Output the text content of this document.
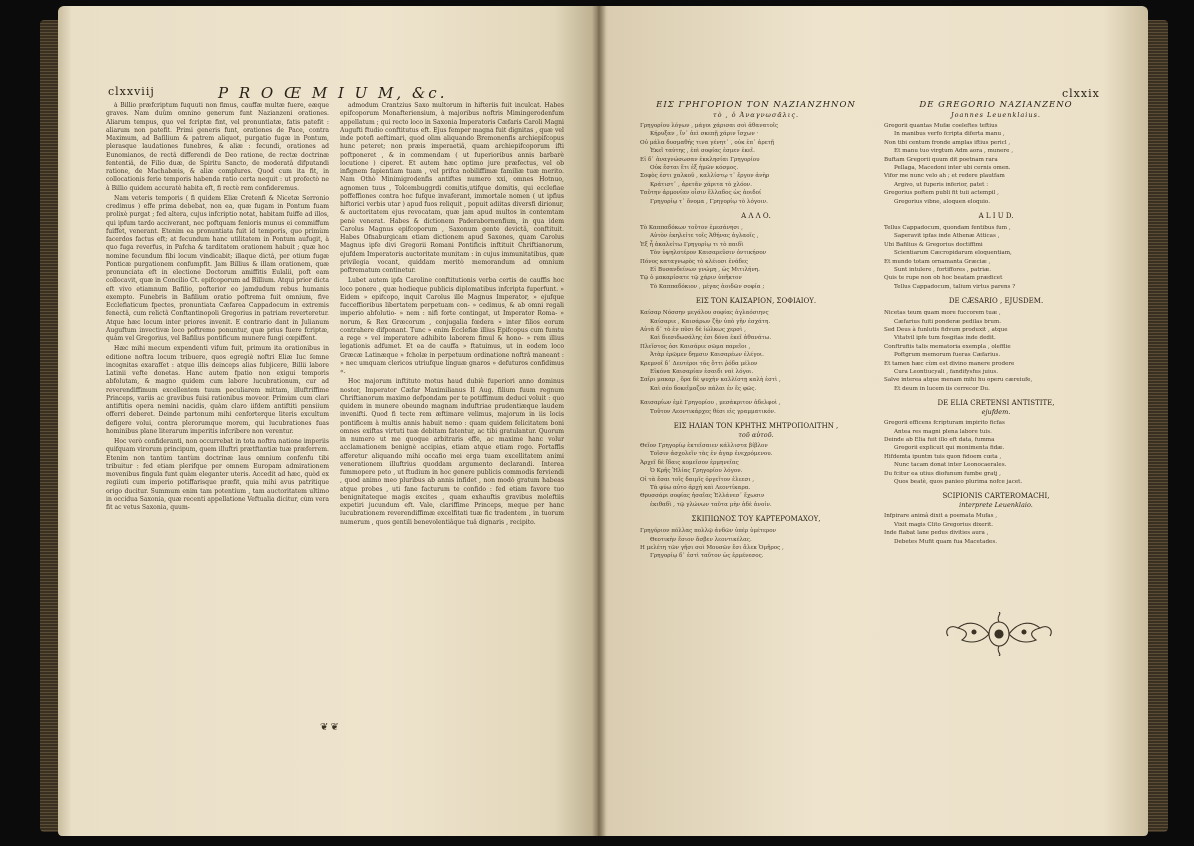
clxxviij	P R O Œ M I U M, &c.

à Billio præfcriptum fuquuti non fimus, cauffæ multæ fuere, eæque graves. Nam duûm omnino generum funt Nazianzeni orationes. Aliarum tempus, quo vel fcriptæ fint, vel pronuntiatæ, fatis patefit : aliarum non patefit. Primi generis funt, orationes de Pace, contra Maximum, ad Baſilium & patrem aliquot, purgatio fugæ in Pontum, plerasque laudationes funebres, & aliæ : fecundi, orationes ad Eunomianos, de rectâ differendi de Deo ratione, de rectæ doctrinæ fententiâ, de Filio duæ, de Spiritu Sancto, de moderatâ difputandi ratione, de Machabæis, & aliæ complures. Quod cum ita fit, in collocationis ferie temporis habenda ratio certa nequit : ut profectò ne à Billio quidem accuratè habita eft, fi rectè rem confideremus.

Nam veteris temporis ( fi quidem Eliæ Cretenfi & Nicetæ Serronio credimus ) effe prima debebat, non ea, quæ fugam in Pontum fuam prolixè purgat ; fed altera, cujus infcriptio notat, habitam fuiffe ad illos, qui ipfum tardo acciverant, nec poftquam fenioris munus ei commiffum fuiffet, venerant. Etenim ea pronuntiata fuit id temporis, quo primùm facerdos factus eft; at fecundum hanc utilitatem in Pontum aufugit, à quo fuga reverfus, in Pafcha & tarditatem orationem habuit ; quæ hoc nomine fecundum fibi locum vindicabit; illaque dictâ, per otium fugæ Ponticæ purgationem confumpfit. Jam Billius & illam orationem, quæ pronunciata eft in electione Doctorum amiffitis Eulalii, poft eam collocavit, quæ in Concilio Ct. epifcoporum ad Billium. Atqui prior dicta eft vivo etiamnum Bafilio, pofterior eo jamdudum rebus humanis exempto. Funebris in Bafilium oratio poftrema fuit omnium, five Ecclefiaticum fpectes, pronuntiata Cæfarea Cappadocum in extremis fenectâ, cum relictâ Conftantinopoli Gregorius in patriam reverteretur. Atque hæc locum inter priores invenit. E contrario dant in Julianum Auguftum invectivæ loco poftremo ponuntur, quæ prius fuere fcriptæ, quàm vel Gregorius, vel Bafilius pontificum munere fungi cœpiffent.

Hæc mihi mecum expendenti vifum fuit, primum ita orationibus in editione noftra locum tribuere, quos egregiè noftri Eliæ Iuc ſemne incognitas exarafſet : atque illis deinceps alias fubjicere, Billii labore Latinii vefte donetas. Hanc autem fpatio non exigui temporis abfolutam, & magno quidem cum labore lucubrationum, cur ad reverendiffimum excellentem tuum peculiarem mittam, illuftriffime Princeps, variis ac gravibus fuisi rationibus moveor. Primùm cum clari antiftitis opera nemini nacidis, quàm claro iifdem antiftiti pensiium offerri deberet. Deinde partonum mihi cenforterque literis excultum defigere volui, contra plerorumque morem, qui lucubrationes fuas hominibus plane literarum imperitis infcribere non verentur.

Hoc verò confideranti, non occurrebat in tota noftra natione imperiis quifquam virorum principum, quem illuftri prætftantiæ tuæ præferrem. Etenim non tantùm tantùm doctrinæ laus omnium confenfu tibi tribuitur : fed etiam plerifque per omnem Europam admirationem movenibus fingula funt quàm eleganter uteris. Accedit ad hæc, quòd ex regiiuti cum imperio potiffarisque præfit, quia mihi avus patritique origo ducitur. Summum enim tam potentium , tam auctoritatem ultimo in occidua Saxonia, quæ recenti appellatione Veftualia dicitur, cùm vera fit ac vetus Saxonia, quum-

admodum Crantzius Saxo multorum in hifteriis fuit inculcat. Habes epifcoporum Monafteriensium, à majoribus noftris Mimingerodenfum appellatum ; qui recto loco in Saxonia Imperatoris Cæfaris Caroli Magni Augufti ftudio conftitutus eft. Ejus femper magna fuit dignitas , quæ vel inde potefi aeftimari, quod olim aliquando Bremonenfis archiepifcopus hunc peteret; non præis imperaetiâ, quam archiepifcoporum ifti poftponeret , & in commendam ( ut fuperioribus annis barbarè locutione ) ciperet. Et autem hæc optimo jure præfectus, vel ob infignem fapientiam tuam , vel prifca nobiliffimæ familiæ tuæ merito. Nam Othò Minimigrodenfis antiftes numero xxi, omnes Hotnuo, agnomen tuus , Tolcembuggrdi comitis,utifque domitis, qui ecclefiae poffeffiones contra hoc fufque invaferant, immortale nomen ( ut ipfius hiftorici verbis utar ) apud fuos reliquit , popuit adiitas diversfi dirionur, & auctoritatem ejus revocatam, quæ jam apud multos in contemtam penè venerat. Habes & dictionem Paderabornenfium, in qua idem Carolus Magnus epifcoporum , Saxonum gente devictâ, conftituit. Habes Ofnaburgicam etiam dictionem apud Saxones, quam Carolus Magnus ipfe divi Gregorii Romani Pontificis inftituit Chriftianorum, ejufdem Imperatoris auctoritate munitam : in cujus immunitatibus, quæ privilegia vocant, quiddam meritò memorandum ad omnium poftrematum continetur.

Lubet autem ipfa Caroline conftitutionis verba certis de cauffis hoc loco ponere , quæ hodieque publicis diplomatibus infcripta fuperfunt. » Eidem » epifcopo, inquit Carolus ille Magnus Imperator, » ejufque fucceffioribus libertatem perpetuam con- » cedimus, & ab omni regali imperio abfolutio- » nem : nifi forte contingat, ut Imperator Roma- » norum, & Rex Græcorum , conjugalia fœdera » inter filios eorum contrahere difponant. Tunc » enim Ecclefiæ illius Epifcopus cum fumtu a rege » vel imperatore adhibito laborem fimul & hono- » rem illius legationis adfumet. Et ea de cauffa » ftatuimus, ut in eodem loco Græcæ Latinæque » fcholæ in perpetuum ordinatione noftrâ maneant : » nec umquam clericos utriufque linguæ gnaros » defuturos confidimus «.

Hoc majorum inftituto motus haud dubiè fuperiori anno dominus noster, Imperator Cæfar Maximilianus II Aug. filium fuum regnum Chriftianorum maximo defpondam per te potiffimum deduci voluit : quo quidem in munere obeundo magnam induftriae prudentiæque laudem invenifti. Quod fi tecte rem æftimare velimus, majorum in iis locis pontificem à multis annis habuit nemo : quam quidem felicitatem boni omnes exiftas virtuti tuæ debitam fatentur, ac tibi gratulantur. Quorum in numero ut me quoque arbitraris effe, ac maxime hanc volur acclamationem benignè accipias, etiam atque etiam rogo. Fortaffis afferetur aliquando mihi occafio mei erga tuam excellitatem animi venerationem illuftrius quoddam argumento declarandi. Interea fummopere peto , ut ftudium in hoc genere publicis commodis ferviendi , quod animo meo pluribus ab annis infidet , non modò gratum habeas atque probes , uti fane facturum te confido : fed etiam favore tuo benignitateque magis excites , quam exhauftis gravibus moleftiis expetiri jucundum eft. Vale, clariffime Princeps, meque per hanc lucubrationem reverendiffimæ excelfitati tuæ fic tradentem , in tuorum numerum , quos gentili benevolentiâque tuâ dignaris , recipito.

❦❦
clxxix
ΕΙΣ ΓΡΗΓΟΡΙΟΝ ΤΟΝ ΝΑΖΙΑΝΖΗΝΟΝ
τὸ , ὁ Ἀναγνωσᾶλις.
Γρηγορίου λόγων , μάγοι χάρισαι σοὶ ἀθανατοῖς
Κήρυξαν , ἵν᾿ ἀεὶ σκεπῇ χάριν ἴσχων ·
Οὐ μάλα δυσμαθής τινα γένητ᾿ , οὐκ ἐπ᾿ ἀρετῇ
Ἐκεῖ ταύτης , ἐπὶ σοφίας ἐσμεν ἐκεῖ.
Εἰ δ᾿ ἀναγνώσωσαν ἐκκλησίαι Γρηγορίου
Οὐκ ἔσται ἔτι ἐξ ἡμῶν κόσμος.
Σοφὸς ἐστι χαλκοῦ , καλλίστῳ τ᾿ ἔργον ἀνὴρ
Κράτιστ᾿ , ἀρετᾶν χάριτα τὸ χλόον.
Ταῦτην ἀρμονίαν οἶσιν ἔλλαδος ὡς ἀοιδοί
Γρηγορίῳ τ᾿ ὄνομα , Γρηγορίῳ τὸ λόγοιν.
Α Λ Λ Ο.
Τὸ Καππαδόκων τοῦτον ἐμεσάνησι ,
Αὐτὸν ἐκηλείτε τοῖς Ἀθήνας ἀγλαοῖς ,
Ἐξ ἧ ἀκαλείτω Γρηγορίῳ τι τὸ παιδὶ
Τὸν ὑψηλοτέρον Καισαρεῦσιν ὀντικήσον
Πόνος καταγνωρὸς τὸ κλέιοσι ἐνάδες
Εἰ Βυσανδείνων γνώμη , ὡς Μιτιλήνη.
Τῷ ὁ μακαρίσατε τῷ χάριν ὑπῆκτον
Τὸ Καππαδόκιον , μέγας ἀοιδῶν σοφία ;
ΕΙΣ ΤΟΝ ΚΑΙΣΑΡΙΟΝ, ΣΟΦΙΑΙΟΥ.
Καίσαρ Νόσσην μεγάλου σοφίας ἀγλαόσιηνς
Καίσαριε , Καισάρων ζῆν ὑπὸ γῆν ἐσχάτη.
Αὐτὰ δ᾿ τὸ ἐν πῦσι δὲ ἰώλκως χερσὶ ,
Καὶ διεσιδωσάλης ἐσι δόνα ἐκεῖ ἀθανάτω.
Πλεῖστος ὁσι Καισάριε σῶμα παρεῖοι ,
Ἀτὰρ ἐρῶμεν δημσιν Καισαρέων ἐλέγοι.
Κρεμνοῖ δ᾿ Δευτέροι τᾶς ὅττι ῥόδα μέλον
Εἰκόνα Καισαρίαν ἐσαιδι ναὶ λόγοι.
Σαῖρι μακαρ , ὄρα δὲ ψυχὴν καλλίστῃ καλὴ ἐστὶ ,
Καὶ σέο δοκεῖμαζον πάλαι ἐν ἔς φῶς.
Καισαρίων ἐμὲ Γρηγορίου , μεσάκριτον ἀδελφοὶ ,
Τοῦτον Λεοντικάρχες θέσι εἰς γραμματικόν.
ΕΙΣ ΗΛΙΑΝ ΤΟΝ ΚΡΗΤΗΣ ΜΗΤΡΟΠΟΛΙΤΗΝ ,
τοῦ αὐτοῦ.
Θεῖον Γρηγορίῳ ἐκτεῖσαιεν κάλλιστα βίβλον
Τοῖσιν ἀσχολεῖν τὰς ἐν ἀγαρ ἐνεχρόμενου.
Ἀρχεῖ δὲ ἴδαις κομεῖσον ἐρμηνεῖας
Ὁ Κρῆς Ἠλίας Γρηγορίου λόγον.
Οἱ τὰ ἔσαι τοῖς δαιμῖς ὀργεῖτον ἐλεεσι ,
Τὰ φύω αὐτο ἀρχὴ καὶ Λεοντίκαρα.
Θρυσσάρι σοφίας ἠσαῖας Ἑλλάνεσ᾿ ἔχωσιν
ἐκιθαδὶ , τῷ γλώνων ταῦτα μὴν ἀδὲ ἀνοίν.
ΣΚΙΠΙΩΝΟΣ ΤΟΥ ΚΑΡΤΕΡΟΜΑΧΟΥ,
Γρηγόριον πόλλας πολλῷ ἀνδῶν ὑπὲρ ὑμέτερον
Θεοτικὴν ἔσιον ἄσβεν λεοντικέλας.
Η μελέτη τῶν γῆσι σοὶ Μουσῶν ἔσι ἄλεκ Ὁμῆρος ,
Γρηγορίῳ δ᾿ ἐστὶ ταῦτον ὡς ἐρμένεσος.
DE GREGORIO NAZIANZENO
Joannes Leuenklaius.
Gregorii quantas Mufæ coeleftes teftius
In manibus verfo fcripta diferta manu ,
Non tibi centum fronde amplas iftius pericl ,
Et manu tuo virgtum Adm aora , munere ,
Buftam Gregorii quum dit poetnam rara
Pellaga, Macedoni inter ubi cernis omen.
Vifor me nunc velo ah ; et redere plautfam
Argivo, ut fuperis inferior, patet :
Gregorius poftem publi fit tuii actempil ,
Gregorius vibne, aloquen eloquio.
A L I U D.
Tellus Cappadocum, quondam fentibus fum ,
Saperavit ipfas inde Athenæ Atticas ,
Ubi Bafilius & Gregorius doctiffimi
Scientiarum Cæcropidarum eloquentiam,
Et mundo totam ornamanta Græciæ ,
Sunt intulere , fortiffores , patriæ.
Quis te rupe non ob hoc beatam prædicet
Tellus Cappadocum, talium virtus parens ?
DE CÆSARIO , EJUSDEM.
Nicetas teum quam more fuccorem tuæ ,
Cæfarius fuiti ponderæ pedilas brum.
Sed Deus à funlutis fidvum produxit , atque
Vitatvil ipfe tum fosgitas inde dedit.
Conftrufiis talis mematoria exempla , olefflie
Poftgrum memorum fueras Cæfarius.
Et tamen hæc cùm est divino manere prodere
Cura Leontiucyali , fandifysfus juius.
Salve interea atque menam mihi hu operu cæreiufe,
Et deum in lucem iis cerrecor Du.
DE ELIA CRETENSI ANTISTITE,
ejufdem.
Gregorii efficens fcripturam impirito ficfas
Antea res magni plena labore tuis.
Deinde ab Elia fuit illo eft data, fumma
Gregorii explicuit qui monimenta fidæ.
Hifdemta ipuntm tuis quon fidoem cœta ,
Nunc tacam donat inter Leonocaerales.
Du fcitur ea utius diofunum fumbe gratj ,
Quos beatè, quos panieo plurima nofce jacet.
SCIPIONIS CARTEROMACHI,
interprete Leuenklaio.
Infpirare animâ dixit a poemata Mufas ,
Vixit magis Clito Gregorius dixerit.
Inde ftabat lane pedus divities aura ,
Debetes Mufit quam fua Macetades.
